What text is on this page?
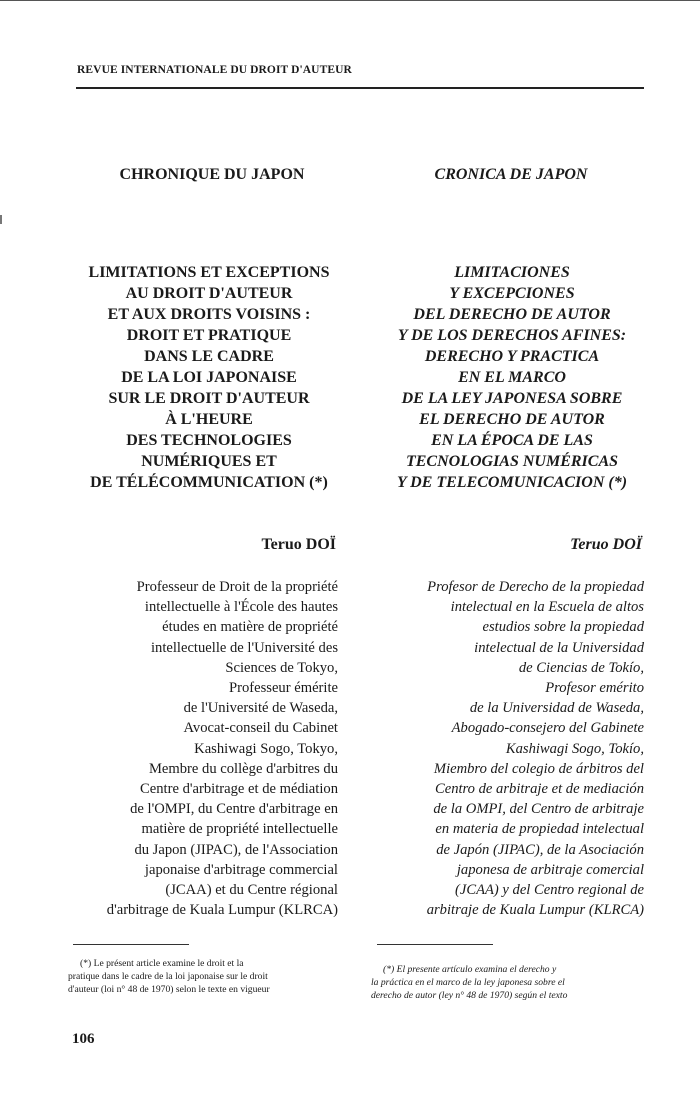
REVUE INTERNATIONALE DU DROIT D'AUTEUR
CHRONIQUE DU JAPON	CRONICA DE JAPON
LIMITATIONS ET EXCEPTIONS
AU DROIT D'AUTEUR
ET AUX DROITS VOISINS :
DROIT ET PRATIQUE
DANS LE CADRE
DE LA LOI JAPONAISE
SUR LE DROIT D'AUTEUR
À L'HEURE
DES TECHNOLOGIES
NUMÉRIQUES ET
DE TÉLÉCOMMUNICATION (*)
LIMITACIONES
Y EXCEPCIONES
DEL DERECHO DE AUTOR
Y DE LOS DERECHOS AFINES:
DERECHO Y PRACTICA
EN EL MARCO
DE LA LEY JAPONESA SOBRE
EL DERECHO DE AUTOR
EN LA ÉPOCA DE LAS
TECNOLOGIAS NUMÉRICAS
Y DE TELECOMUNICACION (*)
Teruo DOÏ	Teruo DOÏ
Professeur de Droit de la propriété
intellectuelle à l'École des hautes
études en matière de propriété
intellectuelle de l'Université des
Sciences de Tokyo,
Professeur émérite
de l'Université de Waseda,
Avocat-conseil du Cabinet
Kashiwagi Sogo, Tokyo,
Membre du collège d'arbitres du
Centre d'arbitrage et de médiation
de l'OMPI, du Centre d'arbitrage en
matière de propriété intellectuelle
du Japon (JIPAC), de l'Association
japonaise d'arbitrage commercial
(JCAA) et du Centre régional
d'arbitrage de Kuala Lumpur (KLRCA)
Profesor de Derecho de la propiedad
intelectual en la Escuela de altos
estudios sobre la propiedad
intelectual de la Universidad
de Ciencias de Tokío,
Profesor emérito
de la Universidad de Waseda,
Abogado-consejero del Gabinete
Kashiwagi Sogo, Tokío,
Miembro del colegio de árbitros del
Centro de arbitraje et de mediación
de la OMPI, del Centro de arbitraje
en materia de propiedad intelectual
de Japón (JIPAC), de la Asociación
japonesa de arbitraje comercial
(JCAA) y del Centro regional de
arbitraje de Kuala Lumpur (KLRCA)
(*) Le présent article examine le droit et la
pratique dans le cadre de la loi japonaise sur le droit
d'auteur (loi n° 48 de 1970) selon le texte en vigueur
(*) El presente artículo examina el derecho y
la práctica en el marco de la ley japonesa sobre el
derecho de autor (ley n° 48 de 1970) según el texto
106
